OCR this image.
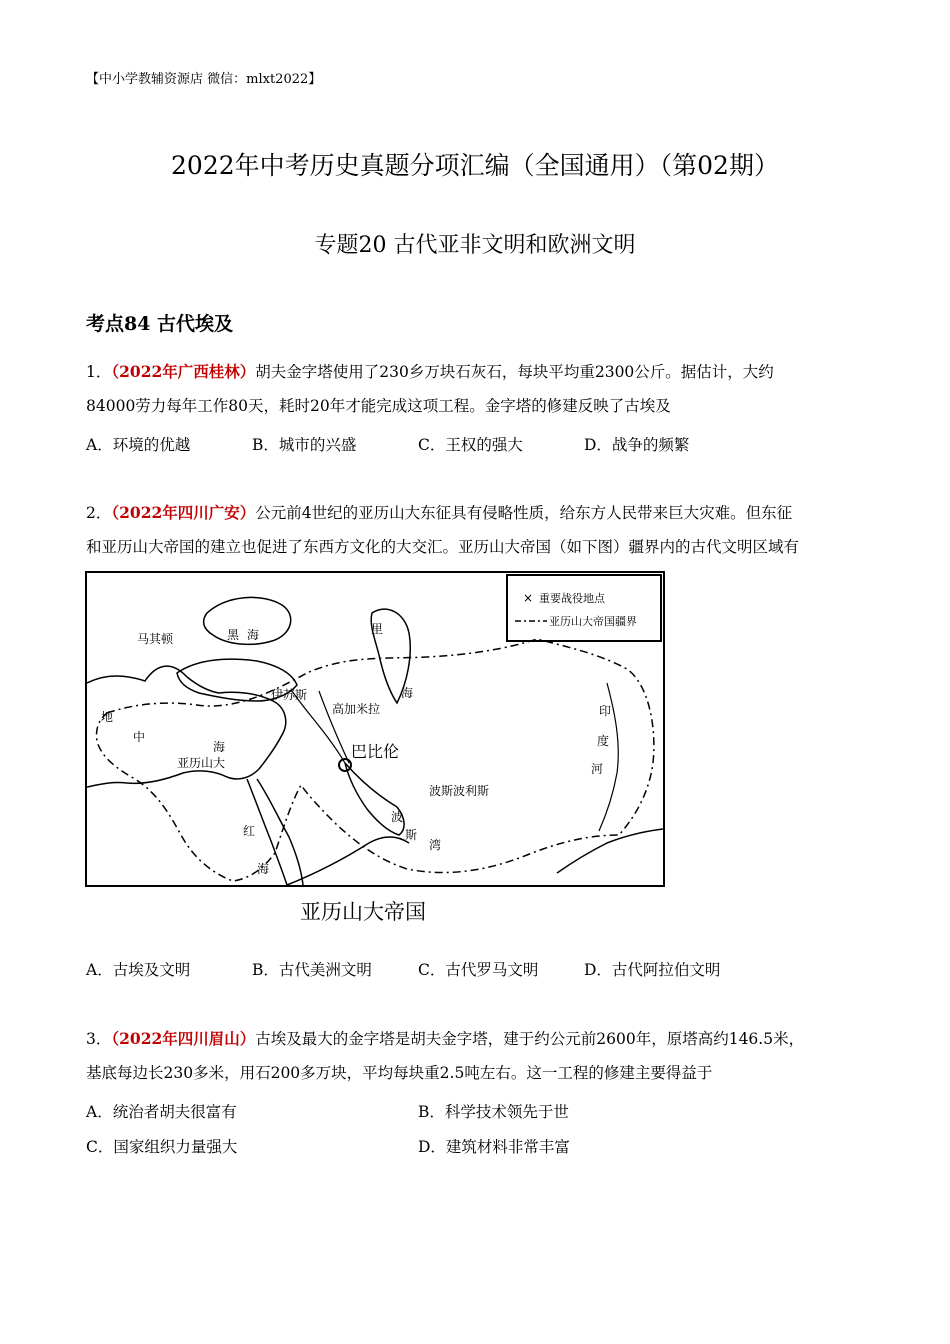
【中小学教辅资源店 微信：mlxt2022】
2022年中考历史真题分项汇编（全国通用）（第02期）
专题20 古代亚非文明和欧洲文明
考点84 古代埃及
1．（2022年广西桂林）胡夫金字塔使用了230乡万块石灰石，每块平均重2300公斤。据估计，大约
84000劳力每年工作80天，耗时20年才能完成这项工程。金字塔的修建反映了古埃及
A．环境的优越	B．城市的兴盛	C．王权的强大	D．战争的频繁
2．（2022年四川广安）公元前4世纪的亚历山大东征具有侵略性质，给东方人民带来巨大灾难。但东征
和亚历山大帝国的建立也促进了东西方文化的大交汇。亚历山大帝国（如下图）疆界内的古代文明区域有
× 重要战役地点
亚历山大帝国疆界
马其顿	黑 海
伊苏斯
高加米拉
巴比伦
地
中
海
亚历山大
波斯波利斯
里
海
印
度
河
红
海
波
斯
湾
亚历山大帝国
A．古埃及文明	B．古代美洲文明	C．古代罗马文明	D．古代阿拉伯文明
3．（2022年四川眉山）古埃及最大的金字塔是胡夫金字塔，建于约公元前2600年，原塔高约146.5米，
基底每边长230多米，用石200多万块，平均每块重2.5吨左右。这一工程的修建主要得益于
A．统治者胡夫很富有	B．科学技术领先于世
C．国家组织力量强大	D．建筑材料非常丰富
